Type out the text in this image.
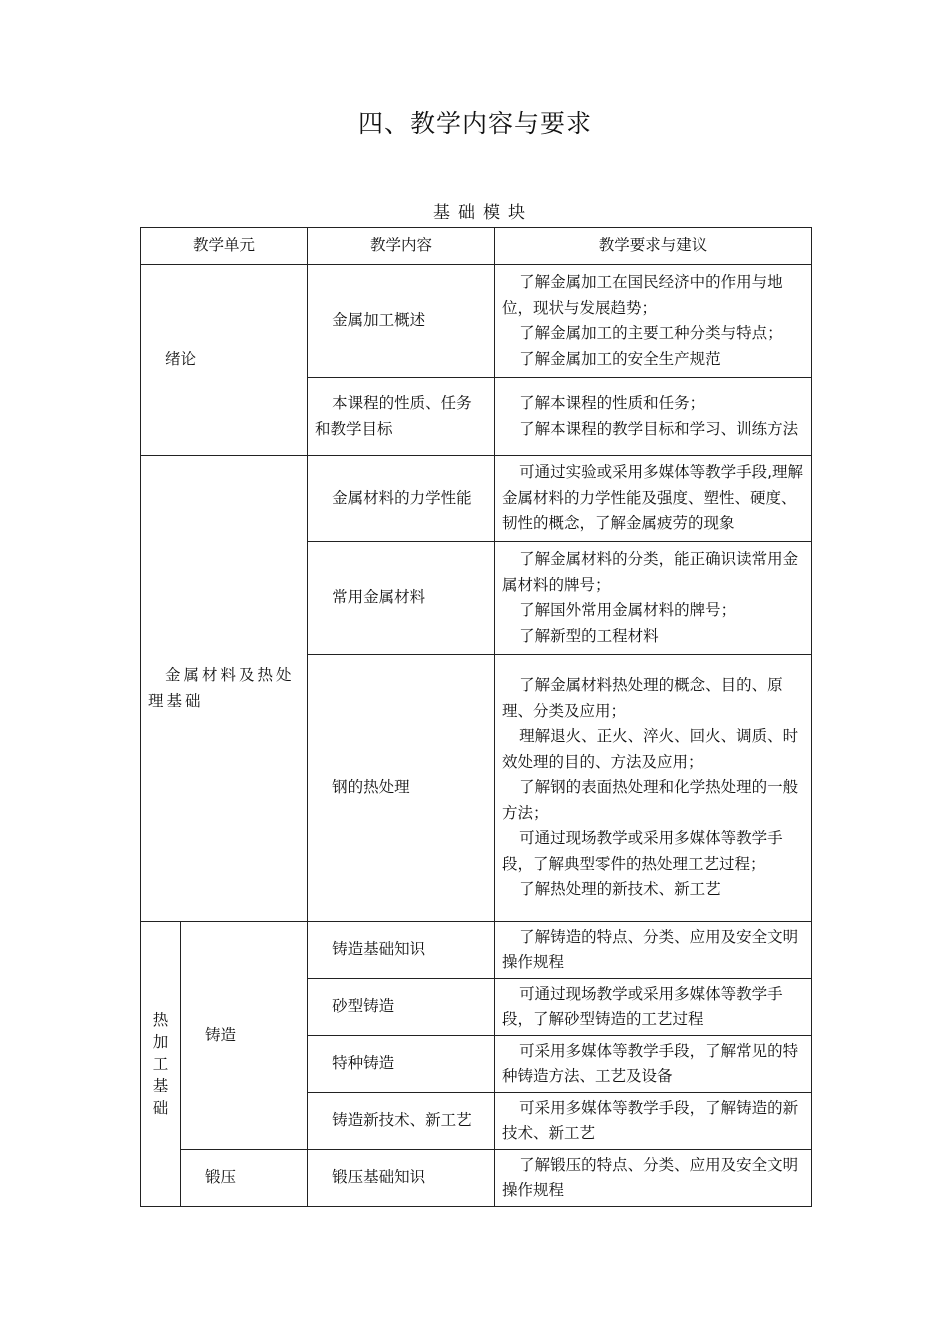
四、教学内容与要求
基础模块
教学单元		教学内容	教学要求与建议
绪论		金属加工概述	了解金属加工在国民经济中的作用与地位，现状与发展趋势；
了解金属加工的主要工种分类与特点；
了解金属加工的安全生产规范

		本课程的性质、任务和教学目标	了解本课程的性质和任务；
了解本课程的教学目标和学习、训练方法

金属材料及热处理基础		金属材料的力学性能	可通过实验或采用多媒体等教学手段,理解金属材料的力学性能及强度、塑性、硬度、韧性的概念，了解金属疲劳的现象

		常用金属材料	了解金属材料的分类，能正确识读常用金属材料的牌号；
了解国外常用金属材料的牌号；
了解新型的工程材料

		钢的热处理	了解金属材料热处理的概念、目的、原理、分类及应用；
理解退火、正火、淬火、回火、调质、时效处理的目的、方法及应用；
了解钢的表面热处理和化学热处理的一般方法；
可通过现场教学或采用多媒体等教学手段，了解典型零件的热处理工艺过程；
了解热处理的新技术、新工艺

热
加
工
基
础	铸造	铸造基础知识	了解铸造的特点、分类、应用及安全文明操作规程

		砂型铸造	可通过现场教学或采用多媒体等教学手段，了解砂型铸造的工艺过程

		特种铸造	可采用多媒体等教学手段，了解常见的特种铸造方法、工艺及设备

		铸造新技术、新工艺	可采用多媒体等教学手段，了解铸造的新技术、新工艺

	锻压	锻压基础知识	了解锻压的特点、分类、应用及安全文明操作规程
